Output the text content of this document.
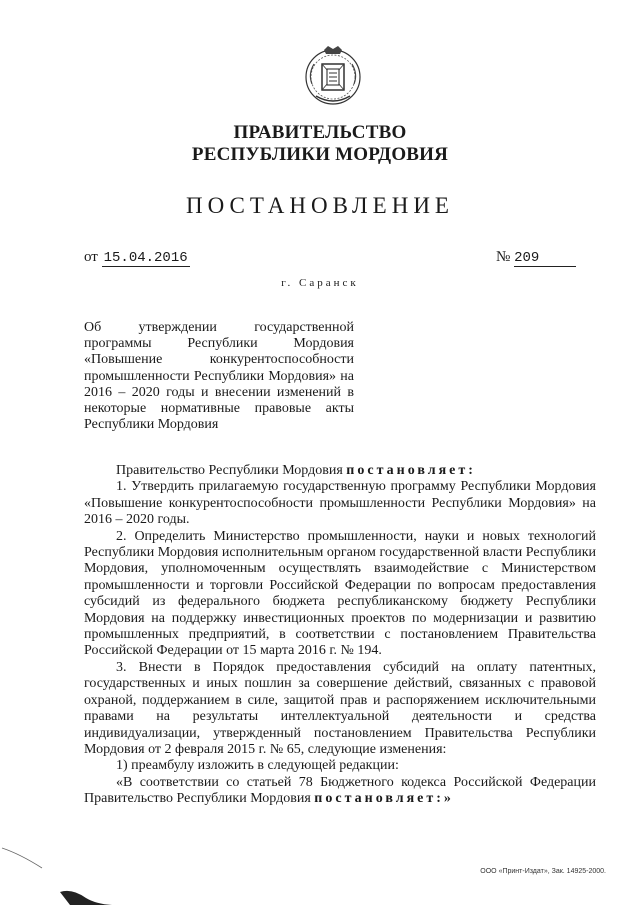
ПРАВИТЕЛЬСТВО
РЕСПУБЛИКИ МОРДОВИЯ
ПОСТАНОВЛЕНИЕ
от 15.04.2016	№ 209
г. Саранск
Об утверждении государственной программы Республики Мордовия «Повышение конкурентоспособности промышленности Республики Мордовия» на 2016 – 2020 годы и внесении изменений в некоторые нормативные правовые акты Республики Мордовия

Правительство Республики Мордовия постановляет:

1. Утвердить прилагаемую государственную программу Республики Мордовия «Повышение конкурентоспособности промышленности Республики Мордовия» на 2016 – 2020 годы.

2. Определить Министерство промышленности, науки и новых технологий Республики Мордовия исполнительным органом государственной власти Республики Мордовия, уполномоченным осуществлять взаимодействие с Министерством промышленности и торговли Российской Федерации по вопросам предоставления субсидий из федерального бюджета республиканскому бюджету Республики Мордовия на поддержку инвестиционных проектов по модернизации и развитию промышленных предприятий, в соответствии с постановлением Правительства Российской Федерации от 15 марта 2016 г. № 194.

3. Внести в Порядок предоставления субсидий на оплату патентных, государственных и иных пошлин за совершение действий, связанных с правовой охраной, поддержанием в силе, защитой прав и распоряжением исключительными правами на результаты интеллектуальной деятельности и средства индивидуализации, утвержденный постановлением Правительства Республики Мордовия от 2 февраля 2015 г. № 65, следующие изменения:

1) преамбулу изложить в следующей редакции:

«В соответствии со статьей 78 Бюджетного кодекса Российской Федерации Правительство Республики Мордовия постановляет:»

ООО «Принт-Издат», Зак. 14925-2000.
